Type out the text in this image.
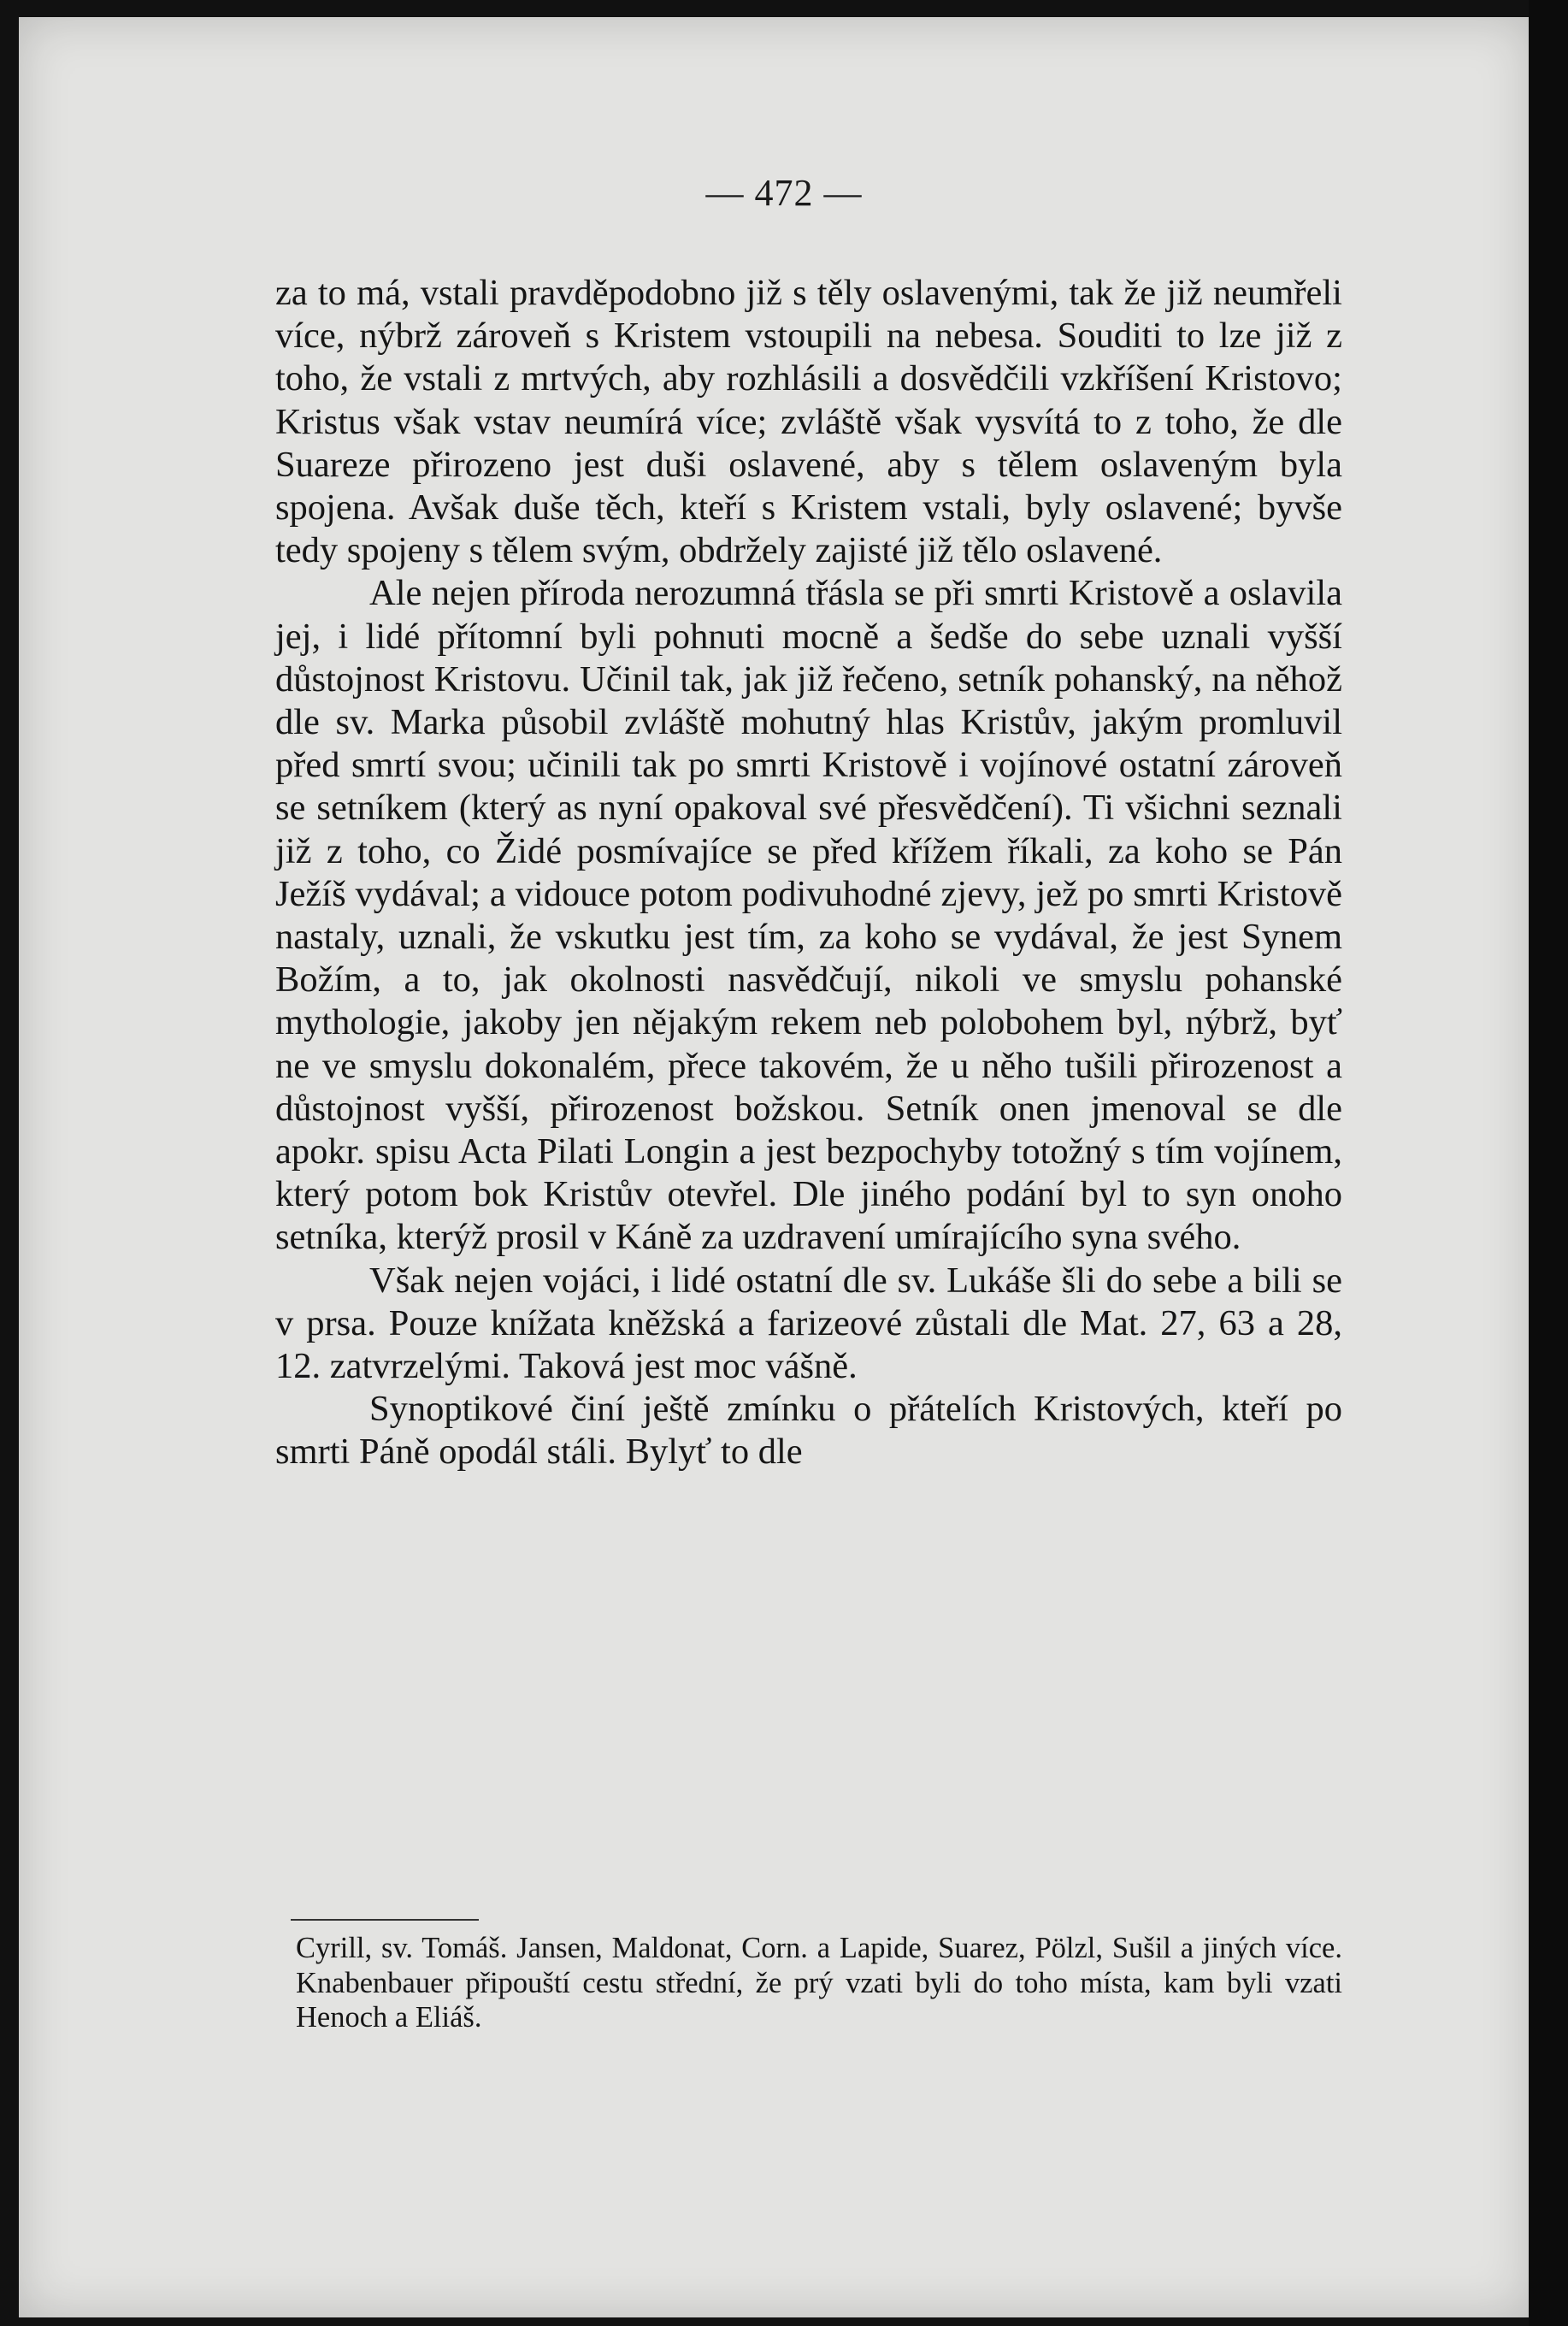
— 472 —

za to má, vstali pravděpodobno již s těly oslavenými, tak že již neumřeli více, nýbrž zároveň s Kristem vstoupili na nebesa. Souditi to lze již z toho, že vstali z mrtvých, aby rozhlásili a dosvědčili vzkříšení Kristovo; Kristus však vstav neumírá více; zvláště však vysvítá to z toho, že dle Suareze přirozeno jest duši oslavené, aby s tělem oslaveným byla spojena. Avšak duše těch, kteří s Kristem vstali, byly oslavené; byvše tedy spojeny s tělem svým, obdržely zajisté již tělo oslavené.

Ale nejen příroda nerozumná třásla se při smrti Kristově a oslavila jej, i lidé přítomní byli pohnuti mocně a šedše do sebe uznali vyšší důstojnost Kristovu. Učinil tak, jak již řečeno, setník pohanský, na něhož dle sv. Marka působil zvláště mohutný hlas Kristův, jakým promluvil před smrtí svou; učinili tak po smrti Kristově i vojínové ostatní zároveň se setníkem (který as nyní opakoval své přesvědčení). Ti všichni seznali již z toho, co Židé posmívajíce se před křížem říkali, za koho se Pán Ježíš vydával; a vidouce potom podivuhodné zjevy, jež po smrti Kristově nastaly, uznali, že vskutku jest tím, za koho se vydával, že jest Synem Božím, a to, jak okolnosti nasvědčují, nikoli ve smyslu pohanské mythologie, jakoby jen nějakým rekem neb polobohem byl, nýbrž, byť ne ve smyslu dokonalém, přece takovém, že u něho tušili přirozenost a důstojnost vyšší, přirozenost božskou. Setník onen jmenoval se dle apokr. spisu Acta Pilati Longin a jest bezpochyby totožný s tím vojínem, který potom bok Kristův otevřel. Dle jiného podání byl to syn onoho setníka, kterýž prosil v Káně za uzdravení umírajícího syna svého.

Však nejen vojáci, i lidé ostatní dle sv. Lukáše šli do sebe a bili se v prsa. Pouze knížata kněžská a farizeové zůstali dle Mat. 27, 63 a 28, 12. zatvrzelými. Taková jest moc vášně.

Synoptikové činí ještě zmínku o přátelích Kristových, kteří po smrti Páně opodál stáli. Bylyť to dle

Cyrill, sv. Tomáš. Jansen, Maldonat, Corn. a Lapide, Suarez, Pölzl, Sušil a jiných více. Knabenbauer připouští cestu střední, že prý vzati byli do toho místa, kam byli vzati Henoch a Eliáš.
